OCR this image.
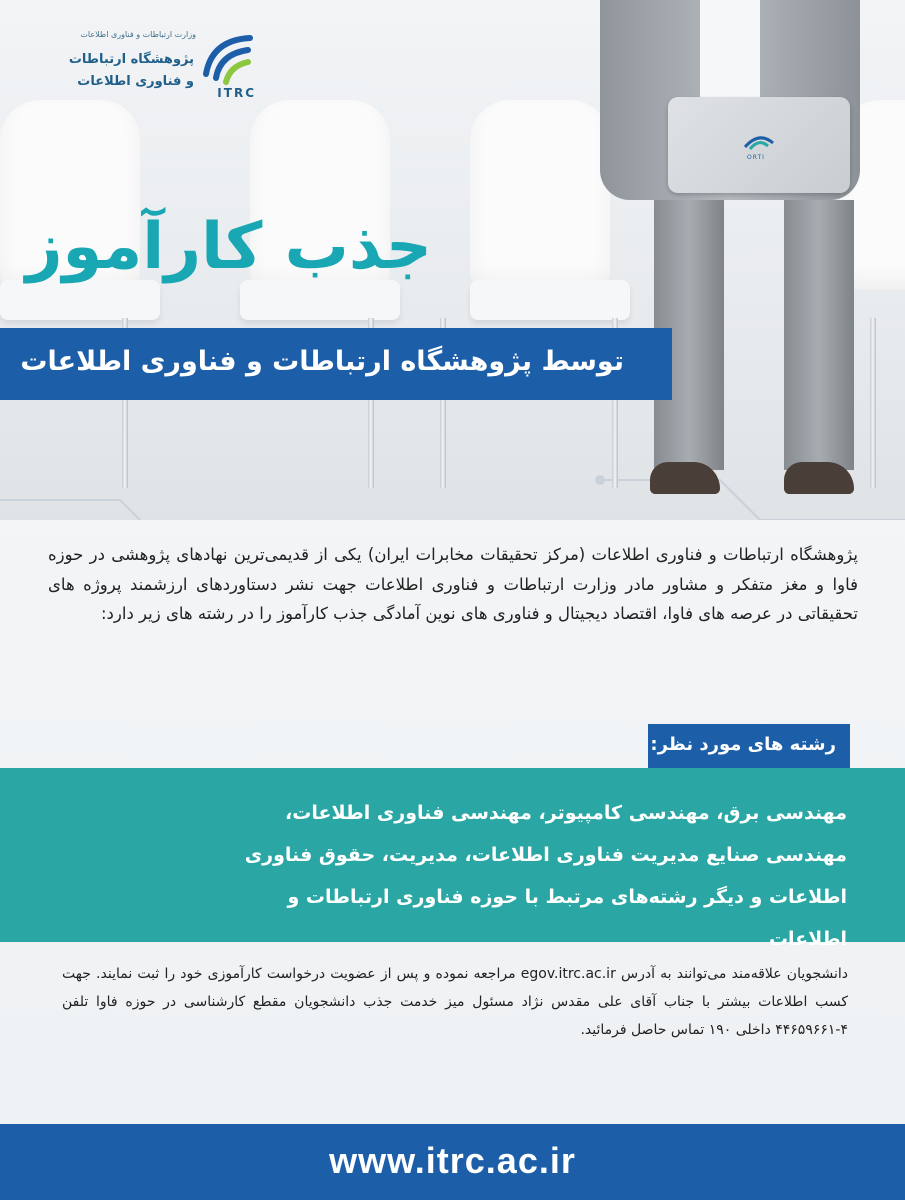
ORTI
وزارت ارتباطات و فناوری اطلاعات
پژوهشگاه ارتباطات
و فناوری اطلاعات
ITRC
جذب کارآموز
توسط پژوهشگاه ارتباطات و فناوری اطلاعات

پژوهشگاه ارتباطات و فناوری اطلاعات (مرکز تحقیقات مخابرات ایران) یکی از قدیمی‌ترین نهادهای پژوهشی در حوزه فاوا و مغز متفکر و مشاور مادر وزارت ارتباطات و فناوری اطلاعات جهت نشر دستاوردهای ارزشمند پروژه های تحقیقاتی در عرصه های فاوا، اقتصاد دیجیتال و فناوری های نوین آمادگی جذب کارآموز را در رشته های زیر دارد:

رشته های مورد نظر:
مهندسی برق، مهندسی کامپیوتر، مهندسی فناوری اطلاعات، مهندسی صنایع مدیریت فناوری اطلاعات، مدیریت، حقوق فناوری اطلاعات و دیگر رشته‌های مرتبط با حوزه فناوری ارتباطات و اطلاعات

دانشجویان علاقه‌مند می‌توانند به آدرس egov.itrc.ac.ir مراجعه نموده و پس از عضویت درخواست کارآموزی خود را ثبت نمایند. جهت کسب اطلاعات بیشتر با جناب آقای علی مقدس نژاد مسئول میز خدمت جذب دانشجویان مقطع کارشناسی در حوزه فاوا تلفن ۴-۴۴۶۵۹۶۶۱ داخلی ۱۹۰ تماس حاصل فرمائید.

www.itrc.ac.ir
